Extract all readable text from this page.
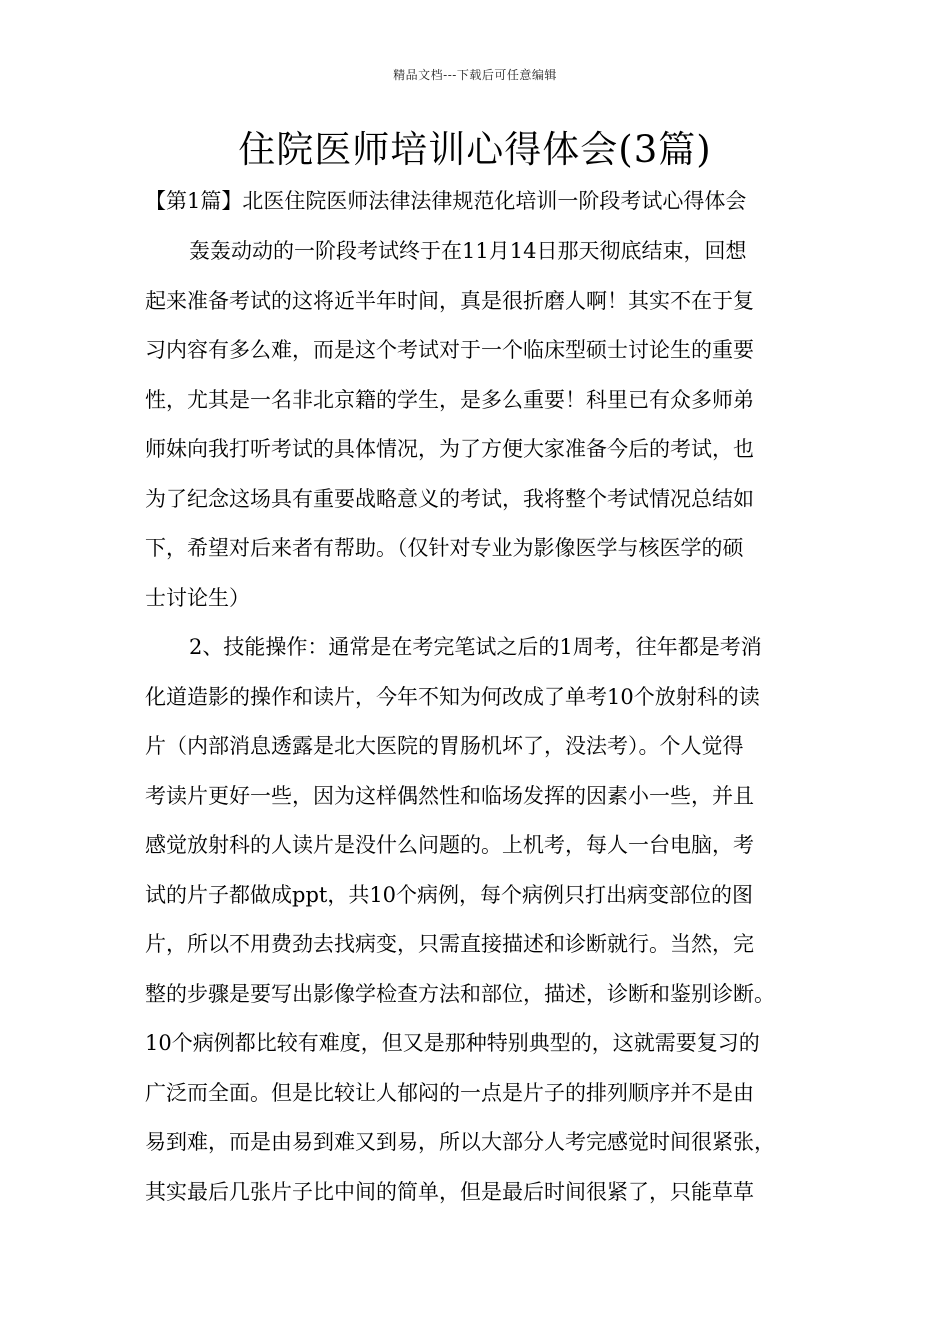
精品文档---下载后可任意编辑
住院医师培训心得体会(3篇)
【第1篇】北医住院医师法律法律规范化培训一阶段考试心得体会
轰轰动动的一阶段考试终于在11月14日那天彻底结束，回想
起来准备考试的这将近半年时间，真是很折磨人啊！其实不在于复
习内容有多么难，而是这个考试对于一个临床型硕士讨论生的重要
性，尤其是一名非北京籍的学生，是多么重要！科里已有众多师弟
师妹向我打听考试的具体情况，为了方便大家准备今后的考试，也
为了纪念这场具有重要战略意义的考试，我将整个考试情况总结如
下，希望对后来者有帮助。（仅针对专业为影像医学与核医学的硕
士讨论生）
2、技能操作：通常是在考完笔试之后的1周考，往年都是考消
化道造影的操作和读片，今年不知为何改成了单考10个放射科的读
片（内部消息透露是北大医院的胃肠机坏了，没法考）。个人觉得
考读片更好一些，因为这样偶然性和临场发挥的因素小一些，并且
感觉放射科的人读片是没什么问题的。上机考，每人一台电脑，考
试的片子都做成ppt，共10个病例，每个病例只打出病变部位的图
片，所以不用费劲去找病变，只需直接描述和诊断就行。当然，完
整的步骤是要写出影像学检查方法和部位，描述，诊断和鉴别诊断。
10个病例都比较有难度，但又是那种特别典型的，这就需要复习的
广泛而全面。但是比较让人郁闷的一点是片子的排列顺序并不是由
易到难，而是由易到难又到易，所以大部分人考完感觉时间很紧张，
其实最后几张片子比中间的简单，但是最后时间很紧了，只能草草
